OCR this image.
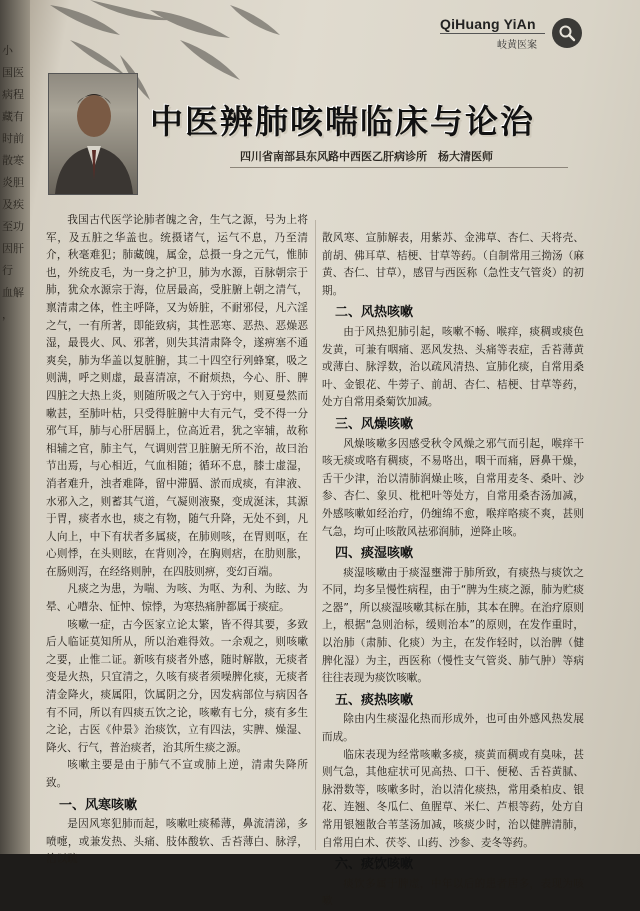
小
国医
病程
藏有
时前
散寒
炎胆
及疾
至功
因肝
行
血解
，
QiHuang YiAn
岐黄医案
中医辨肺咳喘临床与论治
四川省南部县东风路中西医乙肝病诊所　杨大清医师

我国古代医学论肺者魄之舍，生气之源，号为上将军，及五脏之华盖也。统摄诸气，运气不息，乃至清介，秋毫难犯；肺藏魄，属金，总摄一身之元气，惟肺也，外统皮毛，为一身之护卫，肺为水源，百脉朝宗于肺，犹众水源宗于海，位居最高，受脏腑上朝之清气，禀清肃之体，性主呼降，又为娇脏，不耐邪侵，凡六淫之气，一有所著，即能致病，其性恶寒、恶热、恶燥恶湿，最畏火、风、邪著，则失其清肃降令，遂痹塞不通爽矣，肺为华盖以复脏腑，其二十四空行列蜂窠，吸之则满，呼之则虚，最喜清凉，不耐烦热，今心、肝、脾四脏之大热上炎，则随所吸之气入于窍中，则夏曼然而嗽甚，至肺叶枯，只受得脏腑中大有元气，受不得一分邪气耳，肺与心肝居膈上，位高近君，犹之宰辅，故称相辅之官，肺主气，气调则营卫脏腑无所不治，故曰治节出焉，与心相近，气血相随；循环不息，膝士虚湿，消者难升，浊者难降，留中滞膈、淤而成痰，有津液、水邪入之，则蓄其气道，气凝则液聚，变成涎沫，其源于胃，痰者水也，痰之有物，随气升降，无处不到，凡人向上，中下有状者多属痰，在肺则咳，在胃则呕，在心则悸，在头则眩，在背则冷，在胸则痞，在肋则胀，在肠则泻，在经络则肿，在四肢则痹，变幻百端。

凡痰之为患，为喘、为咳、为呕、为利、为眩、为晕、心嘈杂、怔忡、惊悸，为寒热痛肿都属于痰症。

咳嗽一症，古今医家立论太繁，皆不得其要，多致后人临证莫知所从，所以治难得效。一余观之，则咳嗽之要，止惟二证。新咳有痰者外感，随时解散，无痰者变是火热，只宜清之，久咳有痰者须噪脾化痰，无痰者清金降火，痰属阳，饮属阴之分，因发病部位与病因各有不同，所以有四痰五饮之论，咳嗽有七分，痰有多生之论，古医《仲景》治痰饮，立有四法，实脾、燥湿、降火、行气，普治痰者，治其所生痰之源。

咳嗽主要是由于肺气不宣或肺上逆，清肃失降所致。

一、风寒咳嗽

是因风寒犯肺而起，咳嗽吐痰稀薄，鼻流清涕，多喷嚏，或兼发热、头痛、肢体酸软、舌苔薄白、脉浮，治以疏

散风寒、宣肺解表，用紫苏、金沸草、杏仁、天将壳、前胡、佛耳草、桔梗、甘草等药。（自制常用三拗汤（麻黄、杏仁、甘草），感冒与西医称（急性支气管炎）的初期。

二、风热咳嗽

由于风热犯肺引起，咳嗽不畅、喉痒，痰稠或痰色发黄，可兼有咽痛、恶风发热、头痛等表症，舌苔薄黄或薄白、脉浮数，治以疏风清热、宣肺化痰，自常用桑叶、金银花、牛蒡子、前胡、杏仁、桔梗、甘草等药，处方自常用桑菊饮加减。

三、风燥咳嗽

风燥咳嗽多因感受秋令风燥之邪气而引起，喉痒干咳无痰或咯有稠痰，不易咯出，咽干而痛，唇鼻干燥，舌干少津，治以清肺润燥止咳，自常用麦冬、桑叶、沙参、杏仁、象贝、枇杷叶等处方，自常用桑杏汤加减，外感咳嗽如经治疗，仍缠绵不愈，喉痒咯痰不爽，甚则气急，均可止咳散风祛邪润肺，逆降止咳。

四、痰湿咳嗽

痰湿咳嗽由于痰湿壅滞于肺所致，有痰热与痰饮之不同，均多呈慢性病程，由于“脾为生痰之源，肺为贮痰之器”，所以痰湿咳嗽其标在肺，其本在脾。在治疗原则上，根据“急则治标，缓则治本”的原则，在发作重时，以治肺（肃肺、化痰）为主，在发作轻时，以治脾（健脾化湿）为主，西医称（慢性支气管炎、肺气肿）等病往往表现为痰饮咳嗽。

五、痰热咳嗽

除由内生痰湿化热而形成外，也可由外感风热发展而成。

临床表现为经常咳嗽多痰，痰黄而稠或有臭味，甚则气急，其他症状可见高热、口干、便秘、舌苔黄腻、脉滑数等，咳嗽多时，治以清化痰热，常用桑柏皮、银花、连翘、冬瓜仁、鱼腥草、米仁、芦根等药，处方自常用银翘散合苇茎汤加减，咳痰少时，治以健脾清肺，自常用白术、茯苓、山药、沙参、麦冬等药。

六、痰饮咳嗽

痰饮多属于脾虚，中年以后的患者居多，表现为咳嗽
